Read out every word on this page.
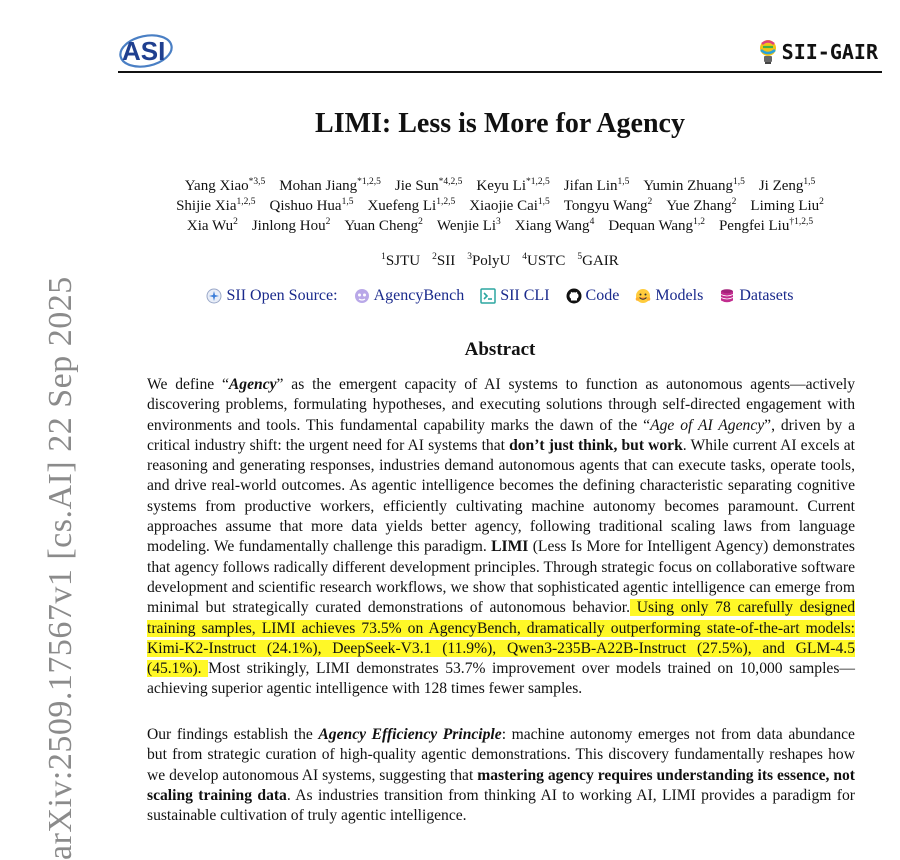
ASI	SII-GAIR
arXiv:2509.17567v1 [cs.AI] 22 Sep 2025
LIMI: Less is More for Agency
Yang Xiao$^{*3,5}$ Mohan Jiang$^{*1,2,5}$ Jie Sun$^{*4,2,5}$ Keyu Li$^{*1,2,5}$ Jifan Lin$^{1,5}$ Yumin Zhuang$^{1,5}$ Ji Zeng$^{1,5}$
Shijie Xia$^{1,2,5}$ Qishuo Hua$^{1,5}$ Xuefeng Li$^{1,2,5}$ Xiaojie Cai$^{1,5}$ Tongyu Wang$^2$ Yue Zhang$^2$ Liming Liu$^2$
Xia Wu$^2$ Jinlong Hou$^2$ Yuan Cheng$^2$ Wenjie Li$^3$ Xiang Wang$^4$ Dequan Wang$^{1,2}$ Pengfei Liu$^{\dagger 1,2,5}$
$^1$SJTU $^2$SII $^3$PolyU $^4$USTC $^5$GAIR
SII Open Source: AgencyBench SII CLI Code Models Datasets
Abstract
We define “Agency” as the emergent capacity of AI systems to function as autonomous agents—actively discovering problems, formulating hypotheses, and executing solutions through self-directed engagement with environments and tools. This fundamental capability marks the dawn of the “Age of AI Agency”, driven by a critical industry shift: the urgent need for AI systems that don’t just think, but work. While current AI excels at reasoning and generating responses, industries demand autonomous agents that can execute tasks, operate tools, and drive real-world outcomes. As agentic intelligence becomes the defining characteristic separating cognitive systems from productive workers, efficiently cultivating machine autonomy becomes paramount. Current approaches assume that more data yields better agency, following traditional scaling laws from language modeling. We fundamentally challenge this paradigm. LIMI (Less Is More for Intelligent Agency) demonstrates that agency follows radically different development principles. Through strategic focus on collaborative software development and scientific research workflows, we show that sophisticated agentic intelligence can emerge from minimal but strategically curated demonstrations of autonomous behavior. Using only 78 carefully designed training samples, LIMI achieves 73.5% on AgencyBench, dramatically outperforming state-of-the-art models: Kimi-K2-Instruct (24.1%), DeepSeek-V3.1 (11.9%), Qwen3-235B-A22B-Instruct (27.5%), and GLM-4.5 (45.1%). Most strikingly, LIMI demonstrates 53.7% improvement over models trained on 10,000 samples—achieving superior agentic intelligence with 128 times fewer samples.
Our findings establish the Agency Efficiency Principle: machine autonomy emerges not from data abundance but from strategic curation of high-quality agentic demonstrations. This discovery fundamentally reshapes how we develop autonomous AI systems, suggesting that mastering agency requires understanding its essence, not scaling training data. As industries transition from thinking AI to working AI, LIMI provides a paradigm for sustainable cultivation of truly agentic intelligence.
